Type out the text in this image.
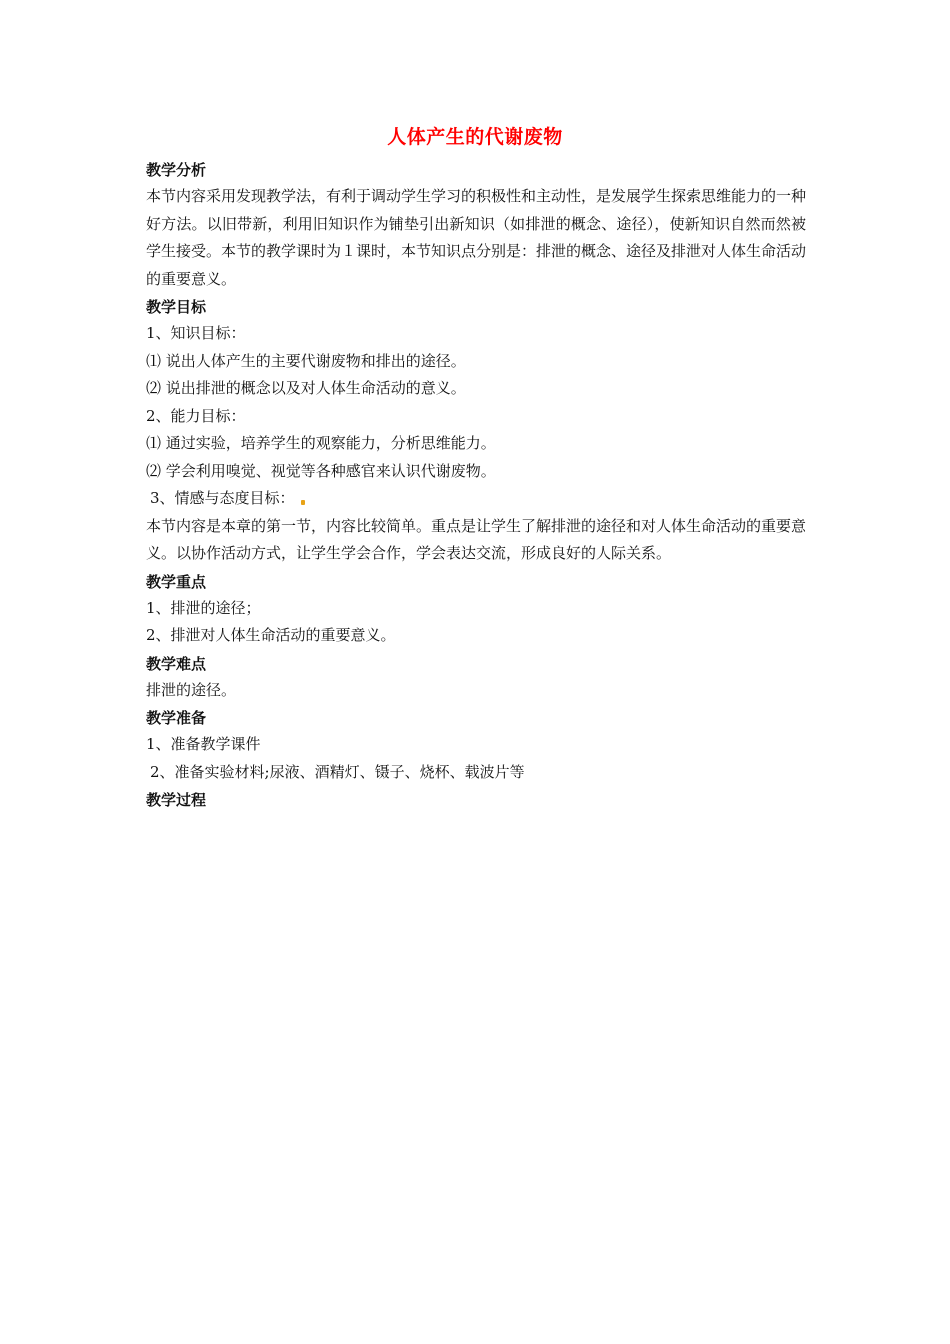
人体产生的代谢废物
教学分析

本节内容采用发现教学法，有利于调动学生学习的积极性和主动性，是发展学生探索思维能力的一种好方法。以旧带新，利用旧知识作为铺垫引出新知识（如排泄的概念、途径），使新知识自然而然被学生接受。本节的教学课时为１课时，本节知识点分别是：排泄的概念、途径及排泄对人体生命活动的重要意义。

教学目标
1、知识目标：
⑴ 说出人体产生的主要代谢废物和排出的途径。
⑵ 说出排泄的概念以及对人体生命活动的意义。
2、能力目标：
⑴ 通过实验，培养学生的观察能力，分析思维能力。
⑵ 学会利用嗅觉、视觉等各种感官来认识代谢废物。
3、情感与态度目标：

本节内容是本章的第一节，内容比较简单。重点是让学生了解排泄的途径和对人体生命活动的重要意义。以协作活动方式，让学生学会合作，学会表达交流，形成良好的人际关系。

教学重点
1、排泄的途径；
2、排泄对人体生命活动的重要意义。
教学难点
排泄的途径。
教学准备
1、准备教学课件
2、准备实验材料;尿液、酒精灯、镊子、烧杯、载波片等
教学过程
